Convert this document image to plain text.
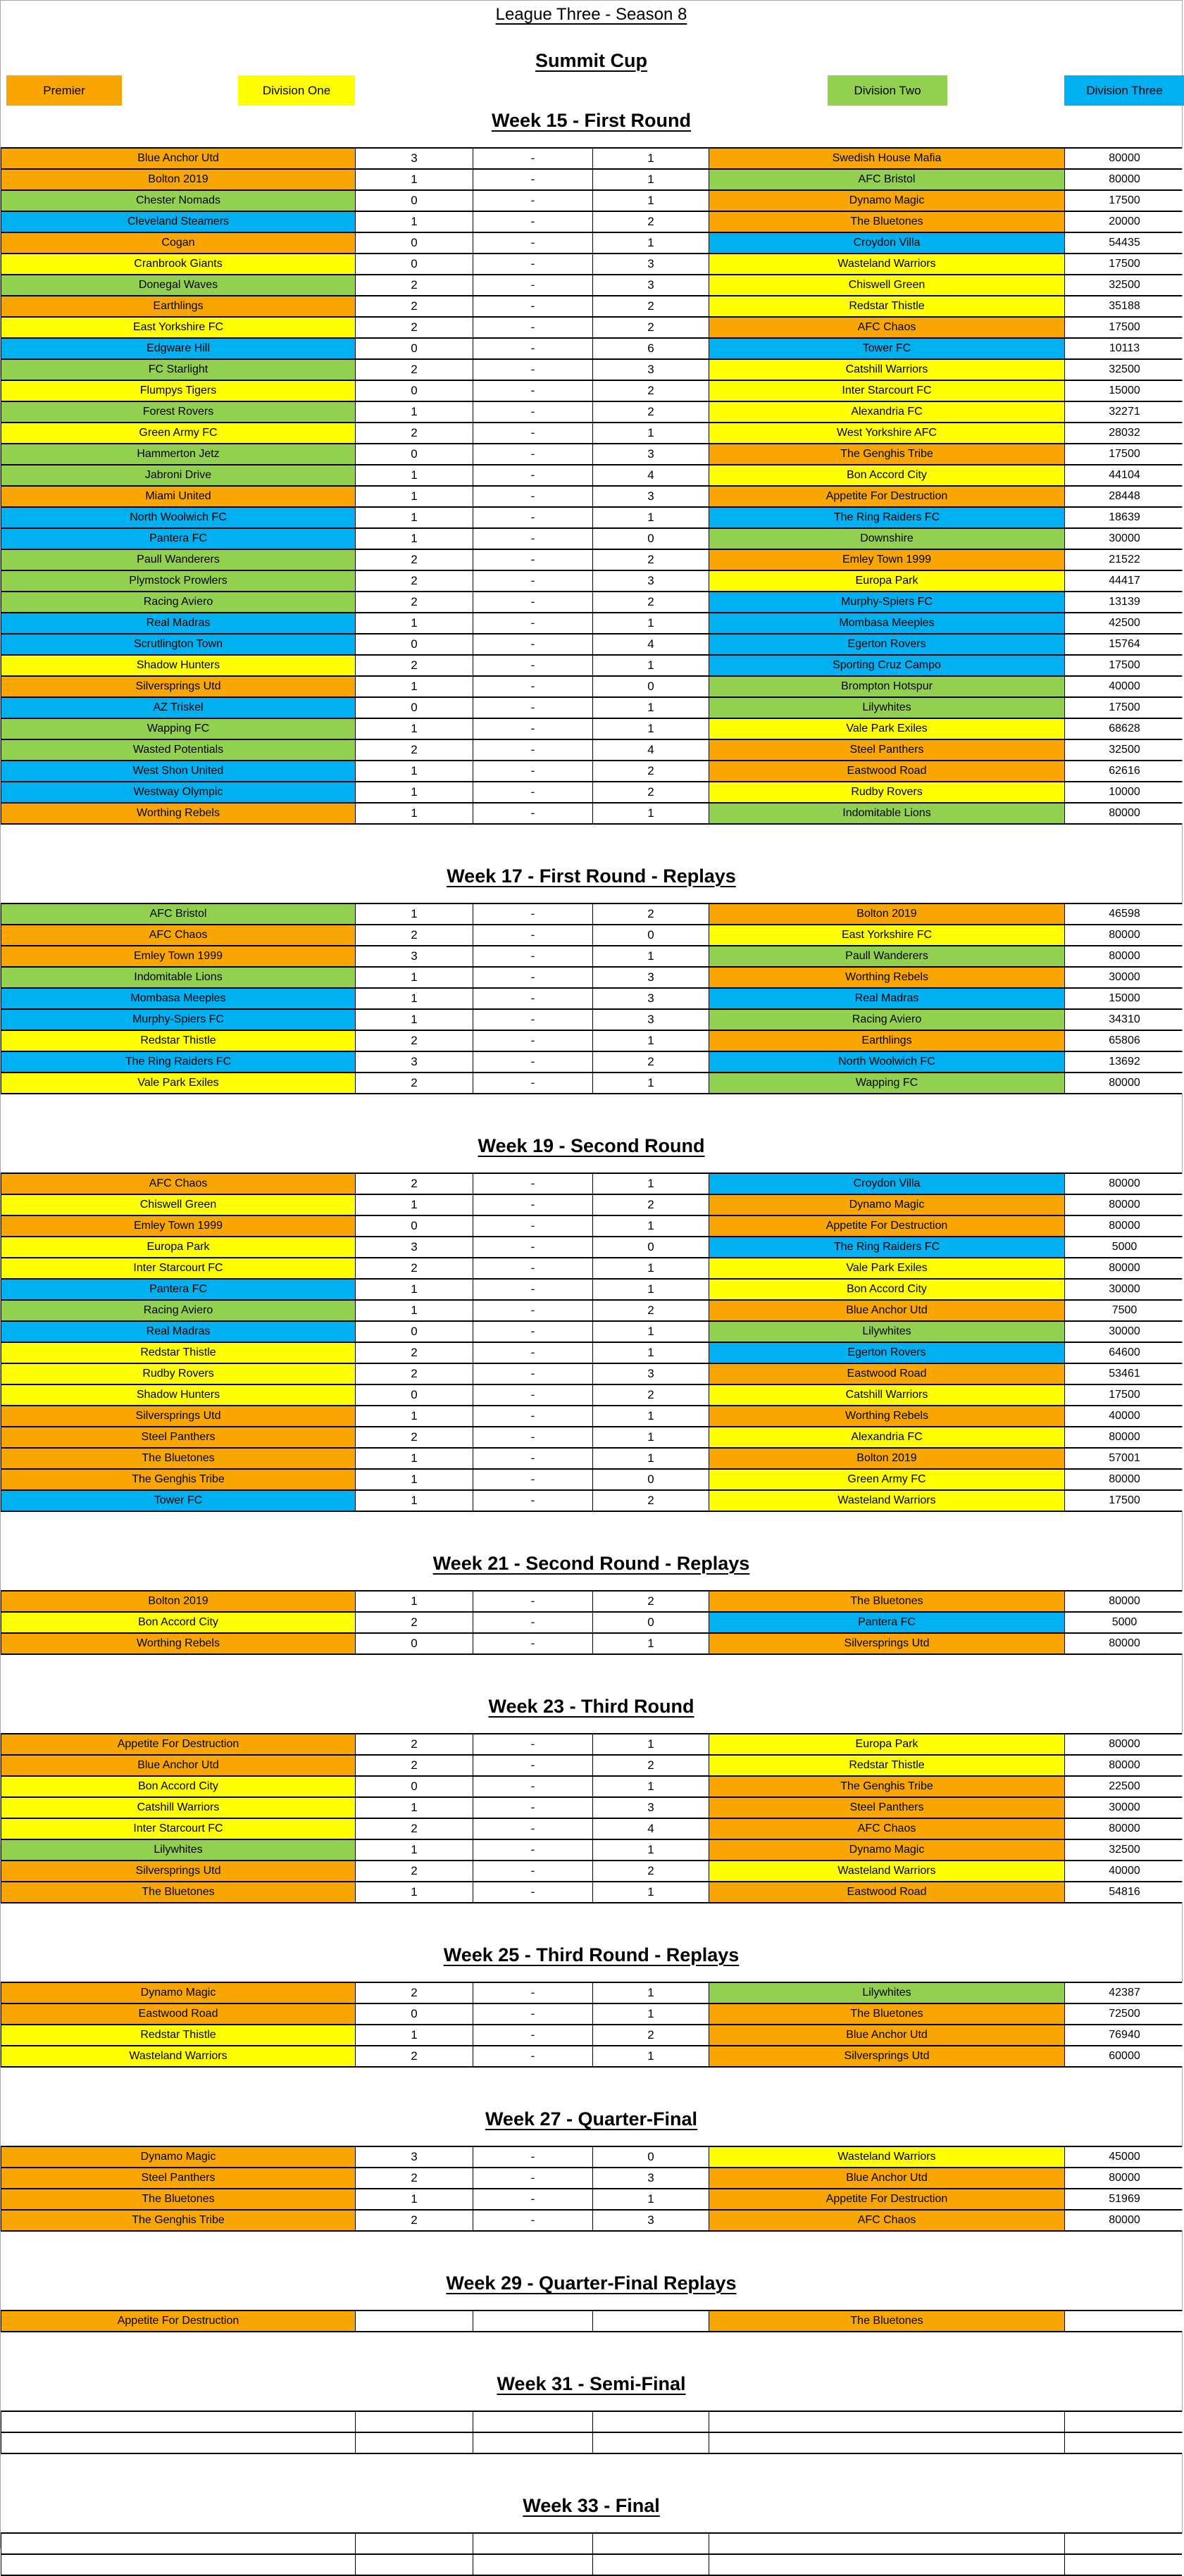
League Three - Season 8
Summit Cup
Premier	Division One	Division Two	Division Three
Week 15 - First Round
Blue Anchor Utd	3	-	1	Swedish House Mafia	80000
Bolton 2019	1	-	1	AFC Bristol	80000
Chester Nomads	0	-	1	Dynamo Magic	17500
Cleveland Steamers	1	-	2	The Bluetones	20000
Cogan	0	-	1	Croydon Villa	54435
Cranbrook Giants	0	-	3	Wasteland Warriors	17500
Donegal Waves	2	-	3	Chiswell Green	32500
Earthlings	2	-	2	Redstar Thistle	35188
East Yorkshire FC	2	-	2	AFC Chaos	17500
Edgware Hill	0	-	6	Tower FC	10113
FC Starlight	2	-	3	Catshill Warriors	32500
Flumpys Tigers	0	-	2	Inter Starcourt FC	15000
Forest Rovers	1	-	2	Alexandria FC	32271
Green Army FC	2	-	1	West Yorkshire AFC	28032
Hammerton Jetz	0	-	3	The Genghis Tribe	17500
Jabroni Drive	1	-	4	Bon Accord City	44104
Miami United	1	-	3	Appetite For Destruction	28448
North Woolwich FC	1	-	1	The Ring Raiders FC	18639
Pantera FC	1	-	0	Downshire	30000
Paull Wanderers	2	-	2	Emley Town 1999	21522
Plymstock Prowlers	2	-	3	Europa Park	44417
Racing Aviero	2	-	2	Murphy-Spiers FC	13139
Real Madras	1	-	1	Mombasa Meeples	42500
Scrutlington Town	0	-	4	Egerton Rovers	15764
Shadow Hunters	2	-	1	Sporting Cruz Campo	17500
Silversprings Utd	1	-	0	Brompton Hotspur	40000
AZ Triskel	0	-	1	Lilywhites	17500
Wapping FC	1	-	1	Vale Park Exiles	68628
Wasted Potentials	2	-	4	Steel Panthers	32500
West Shon United	1	-	2	Eastwood Road	62616
Westway Olympic	1	-	2	Rudby Rovers	10000
Worthing Rebels	1	-	1	Indomitable Lions	80000
Week 17 - First Round - Replays
AFC Bristol	1	-	2	Bolton 2019	46598
AFC Chaos	2	-	0	East Yorkshire FC	80000
Emley Town 1999	3	-	1	Paull Wanderers	80000
Indomitable Lions	1	-	3	Worthing Rebels	30000
Mombasa Meeples	1	-	3	Real Madras	15000
Murphy-Spiers FC	1	-	3	Racing Aviero	34310
Redstar Thistle	2	-	1	Earthlings	65806
The Ring Raiders FC	3	-	2	North Woolwich FC	13692
Vale Park Exiles	2	-	1	Wapping FC	80000
Week 19 - Second Round
AFC Chaos	2	-	1	Croydon Villa	80000
Chiswell Green	1	-	2	Dynamo Magic	80000
Emley Town 1999	0	-	1	Appetite For Destruction	80000
Europa Park	3	-	0	The Ring Raiders FC	5000
Inter Starcourt FC	2	-	1	Vale Park Exiles	80000
Pantera FC	1	-	1	Bon Accord City	30000
Racing Aviero	1	-	2	Blue Anchor Utd	7500
Real Madras	0	-	1	Lilywhites	30000
Redstar Thistle	2	-	1	Egerton Rovers	64600
Rudby Rovers	2	-	3	Eastwood Road	53461
Shadow Hunters	0	-	2	Catshill Warriors	17500
Silversprings Utd	1	-	1	Worthing Rebels	40000
Steel Panthers	2	-	1	Alexandria FC	80000
The Bluetones	1	-	1	Bolton 2019	57001
The Genghis Tribe	1	-	0	Green Army FC	80000
Tower FC	1	-	2	Wasteland Warriors	17500
Week 21 - Second Round - Replays
Bolton 2019	1	-	2	The Bluetones	80000
Bon Accord City	2	-	0	Pantera FC	5000
Worthing Rebels	0	-	1	Silversprings Utd	80000
Week 23 - Third Round
Appetite For Destruction	2	-	1	Europa Park	80000
Blue Anchor Utd	2	-	2	Redstar Thistle	80000
Bon Accord City	0	-	1	The Genghis Tribe	22500
Catshill Warriors	1	-	3	Steel Panthers	30000
Inter Starcourt FC	2	-	4	AFC Chaos	80000
Lilywhites	1	-	1	Dynamo Magic	32500
Silversprings Utd	2	-	2	Wasteland Warriors	40000
The Bluetones	1	-	1	Eastwood Road	54816
Week 25 - Third Round - Replays
Dynamo Magic	2	-	1	Lilywhites	42387
Eastwood Road	0	-	1	The Bluetones	72500
Redstar Thistle	1	-	2	Blue Anchor Utd	76940
Wasteland Warriors	2	-	1	Silversprings Utd	60000
Week 27 - Quarter-Final
Dynamo Magic	3	-	0	Wasteland Warriors	45000
Steel Panthers	2	-	3	Blue Anchor Utd	80000
The Bluetones	1	-	1	Appetite For Destruction	51969
The Genghis Tribe	2	-	3	AFC Chaos	80000
Week 29 - Quarter-Final Replays
Appetite For Destruction	The Bluetones
Week 31 - Semi-Final
Week 33 - Final
